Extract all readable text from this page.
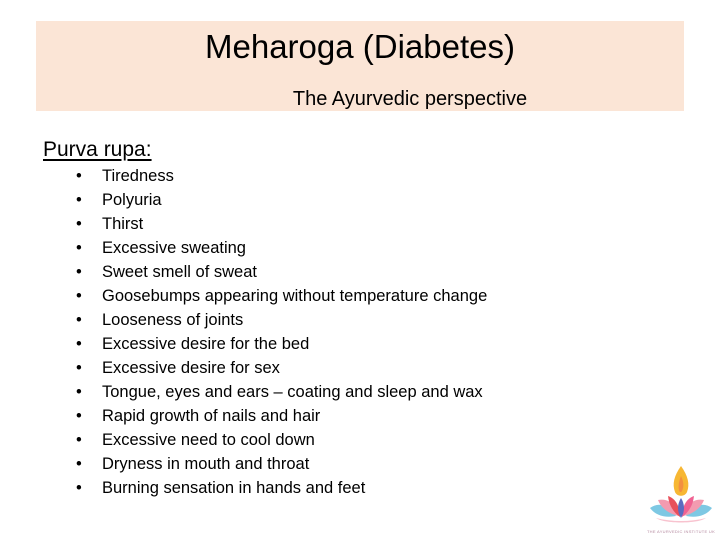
Meharoga (Diabetes)
The Ayurvedic perspective
Purva rupa:
•	Tiredness
•	Polyuria
•	Thirst
•	Excessive sweating
•	Sweet smell of sweat
•	Goosebumps appearing without temperature change
•	Looseness of joints
•	Excessive desire for the bed
•	Excessive desire for sex
•	Tongue, eyes and ears – coating and sleep and wax
•	Rapid growth of nails and hair
•	Excessive need to cool down
•	Dryness in mouth and throat
•	Burning sensation in hands and feet
THE AYURVEDIC INSTITUTE UK
